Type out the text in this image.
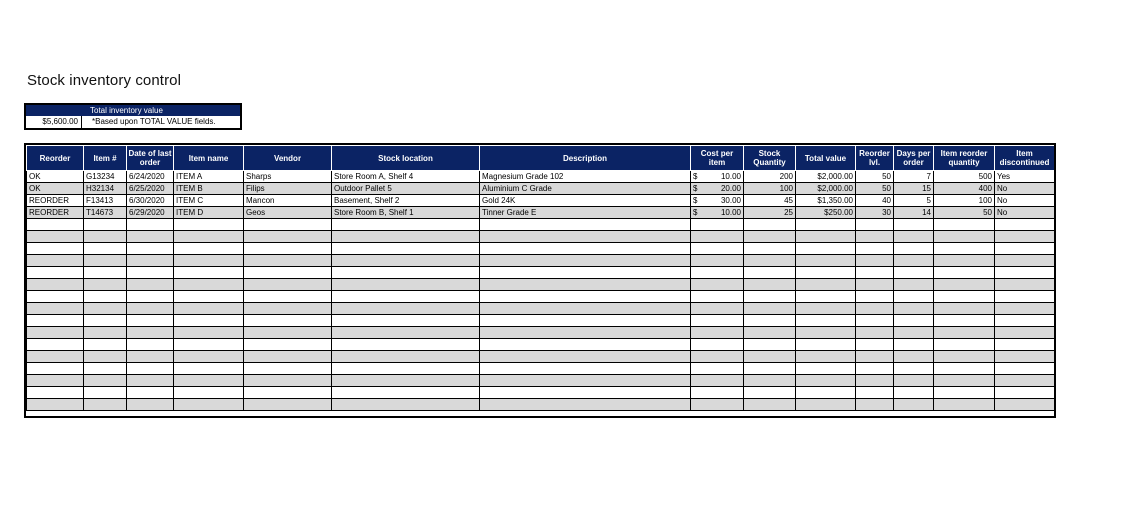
Stock inventory control
Total inventory value
$5,600.00	*Based upon TOTAL VALUE fields.
Reorder	Item #	Date of last order	Item name	Vendor	Stock location	Description	Cost per item	Stock Quantity	Total value	Reorder lvl.	Days per order	Item reorder quantity	Item discontinued
OK	G13234	6/24/2020	ITEM A	Sharps	Store Room A, Shelf 4	Magnesium Grade 102	$ 10.00	200	$2,000.00	50	7	500	Yes
OK	H32134	6/25/2020	ITEM B	Filips	Outdoor Pallet 5	Aluminium C Grade	$ 20.00	100	$2,000.00	50	15	400	No
REORDER	F13413	6/30/2020	ITEM C	Mancon	Basement, Shelf 2	Gold 24K	$ 30.00	45	$1,350.00	40	5	100	No
REORDER	T14673	6/29/2020	ITEM D	Geos	Store Room B, Shelf 1	Tinner Grade E	$ 10.00	25	$250.00	30	14	50	No
